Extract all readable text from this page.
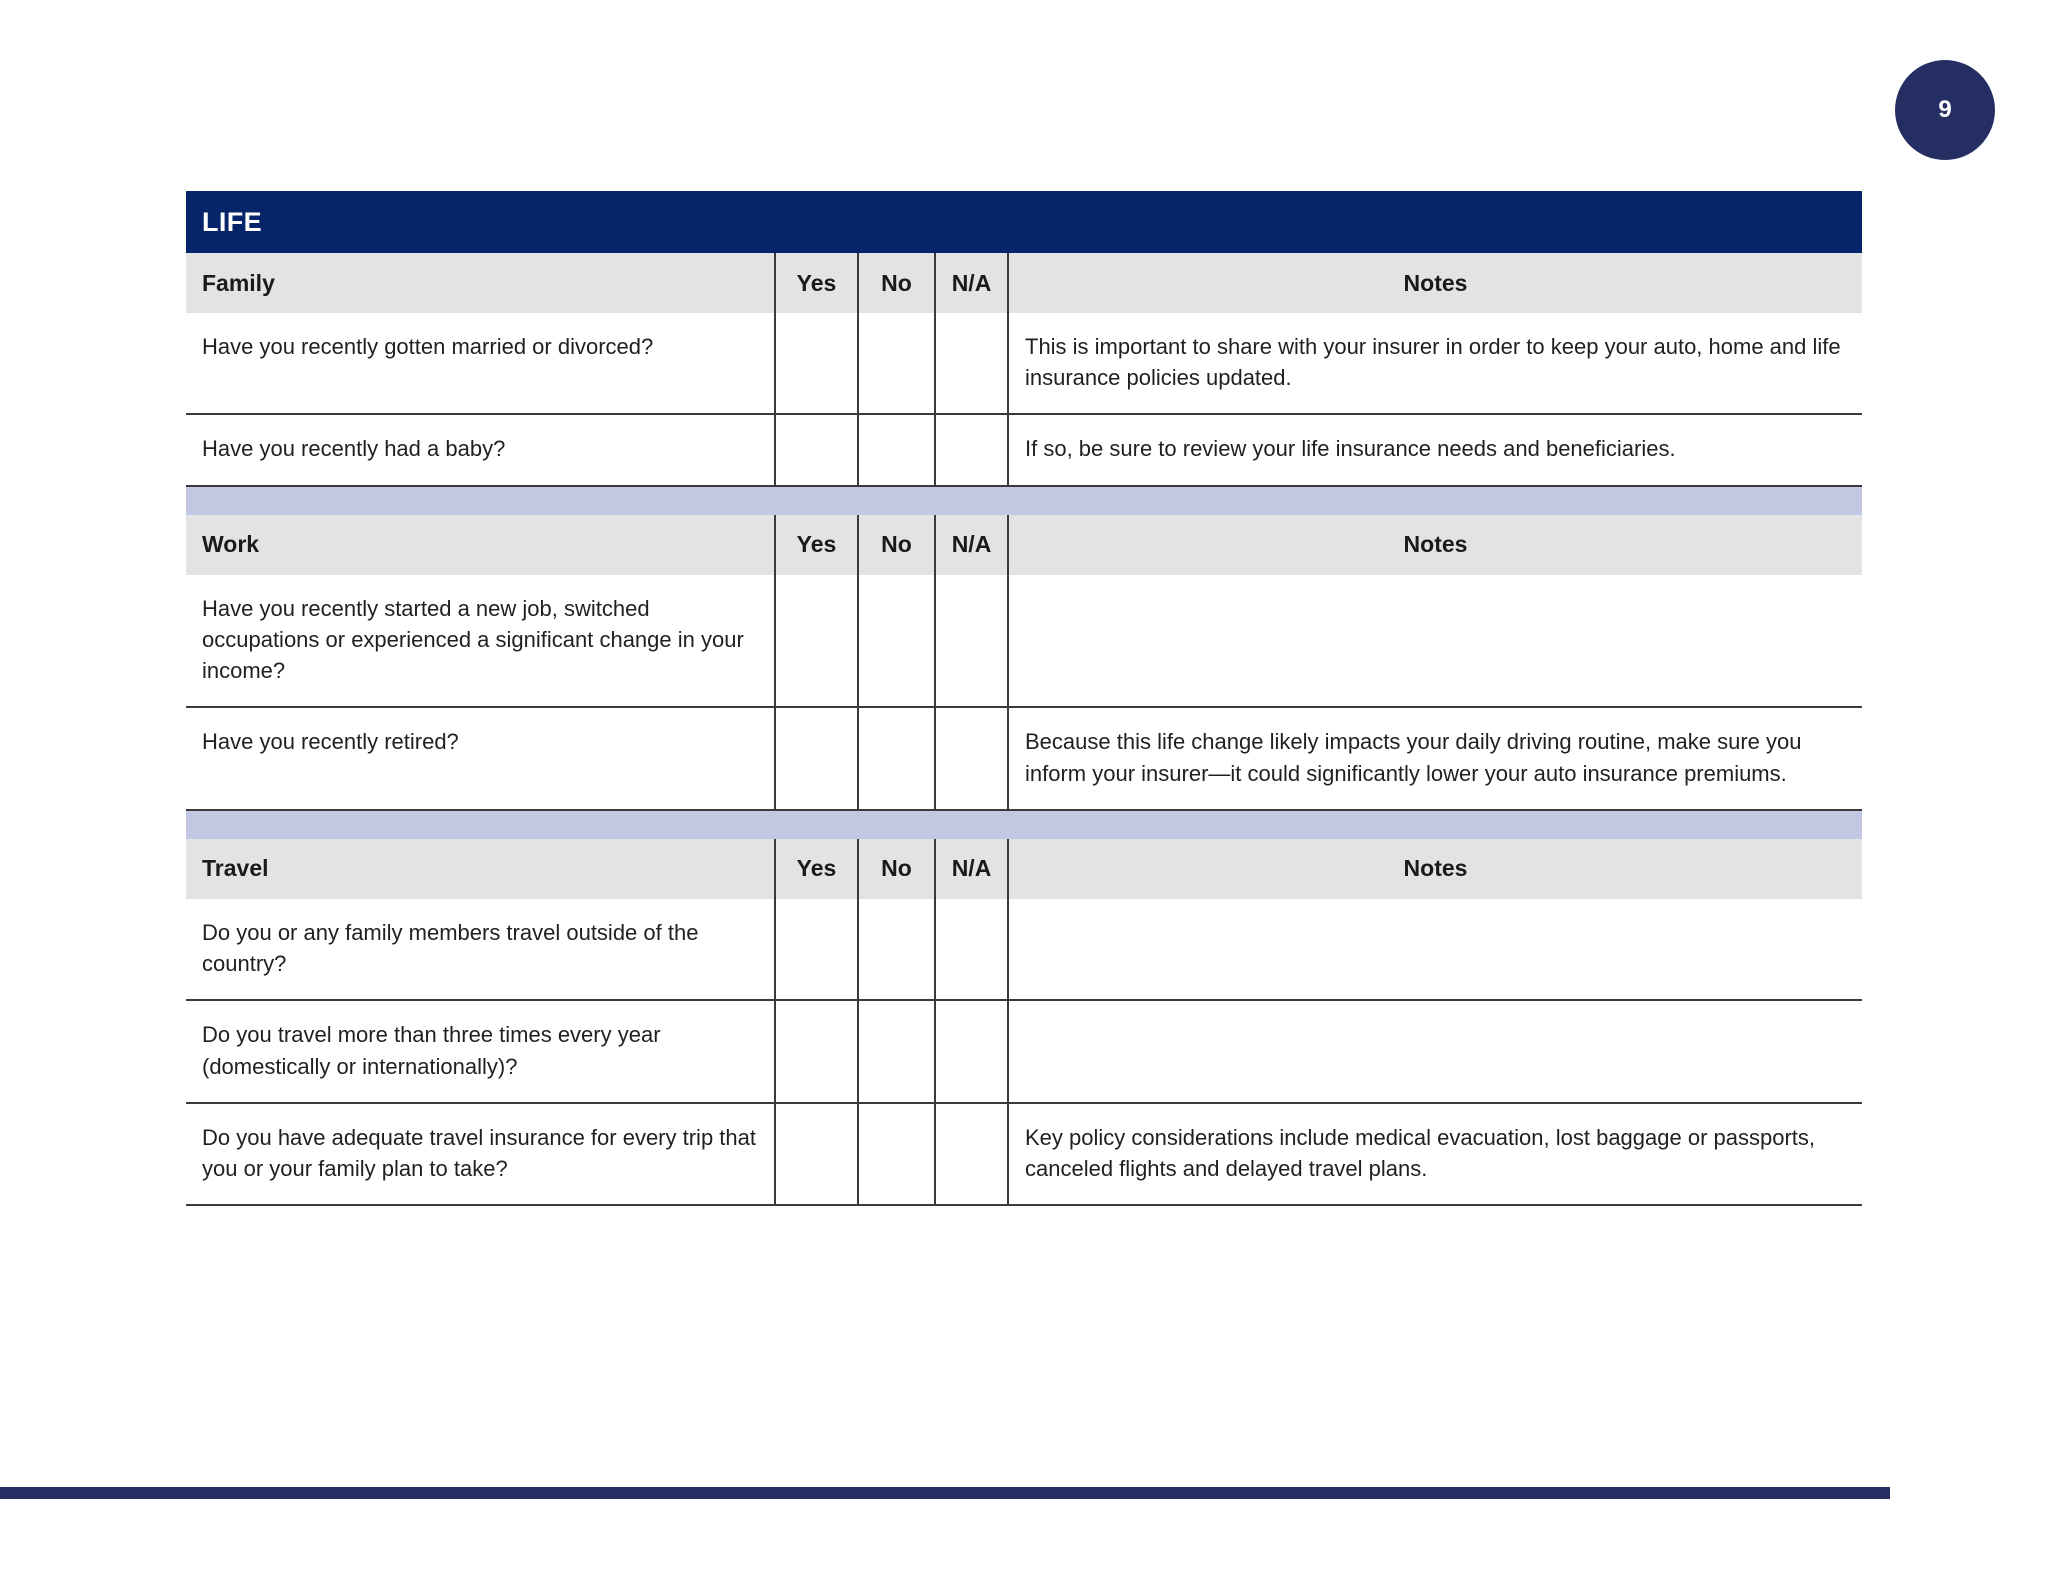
9
LIFE
Family	Yes	No	N/A	Notes
Have you recently gotten married or divorced?				This is important to share with your insurer in order to keep your auto, home and life insurance policies updated.
Have you recently had a baby?				If so, be sure to review your life insurance needs and beneficiaries.
Work	Yes	No	N/A	Notes
Have you recently started a new job, switched occupations or experienced a significant change in your income?				
Have you recently retired?				Because this life change likely impacts your daily driving routine, make sure you inform your insurer—it could significantly lower your auto insurance premiums.
Travel	Yes	No	N/A	Notes
Do you or any family members travel outside of the country?				
Do you travel more than three times every year (domestically or internationally)?				
Do you have adequate travel insurance for every trip that you or your family plan to take?				Key policy considerations include medical evacuation, lost baggage or passports, canceled flights and delayed travel plans.
